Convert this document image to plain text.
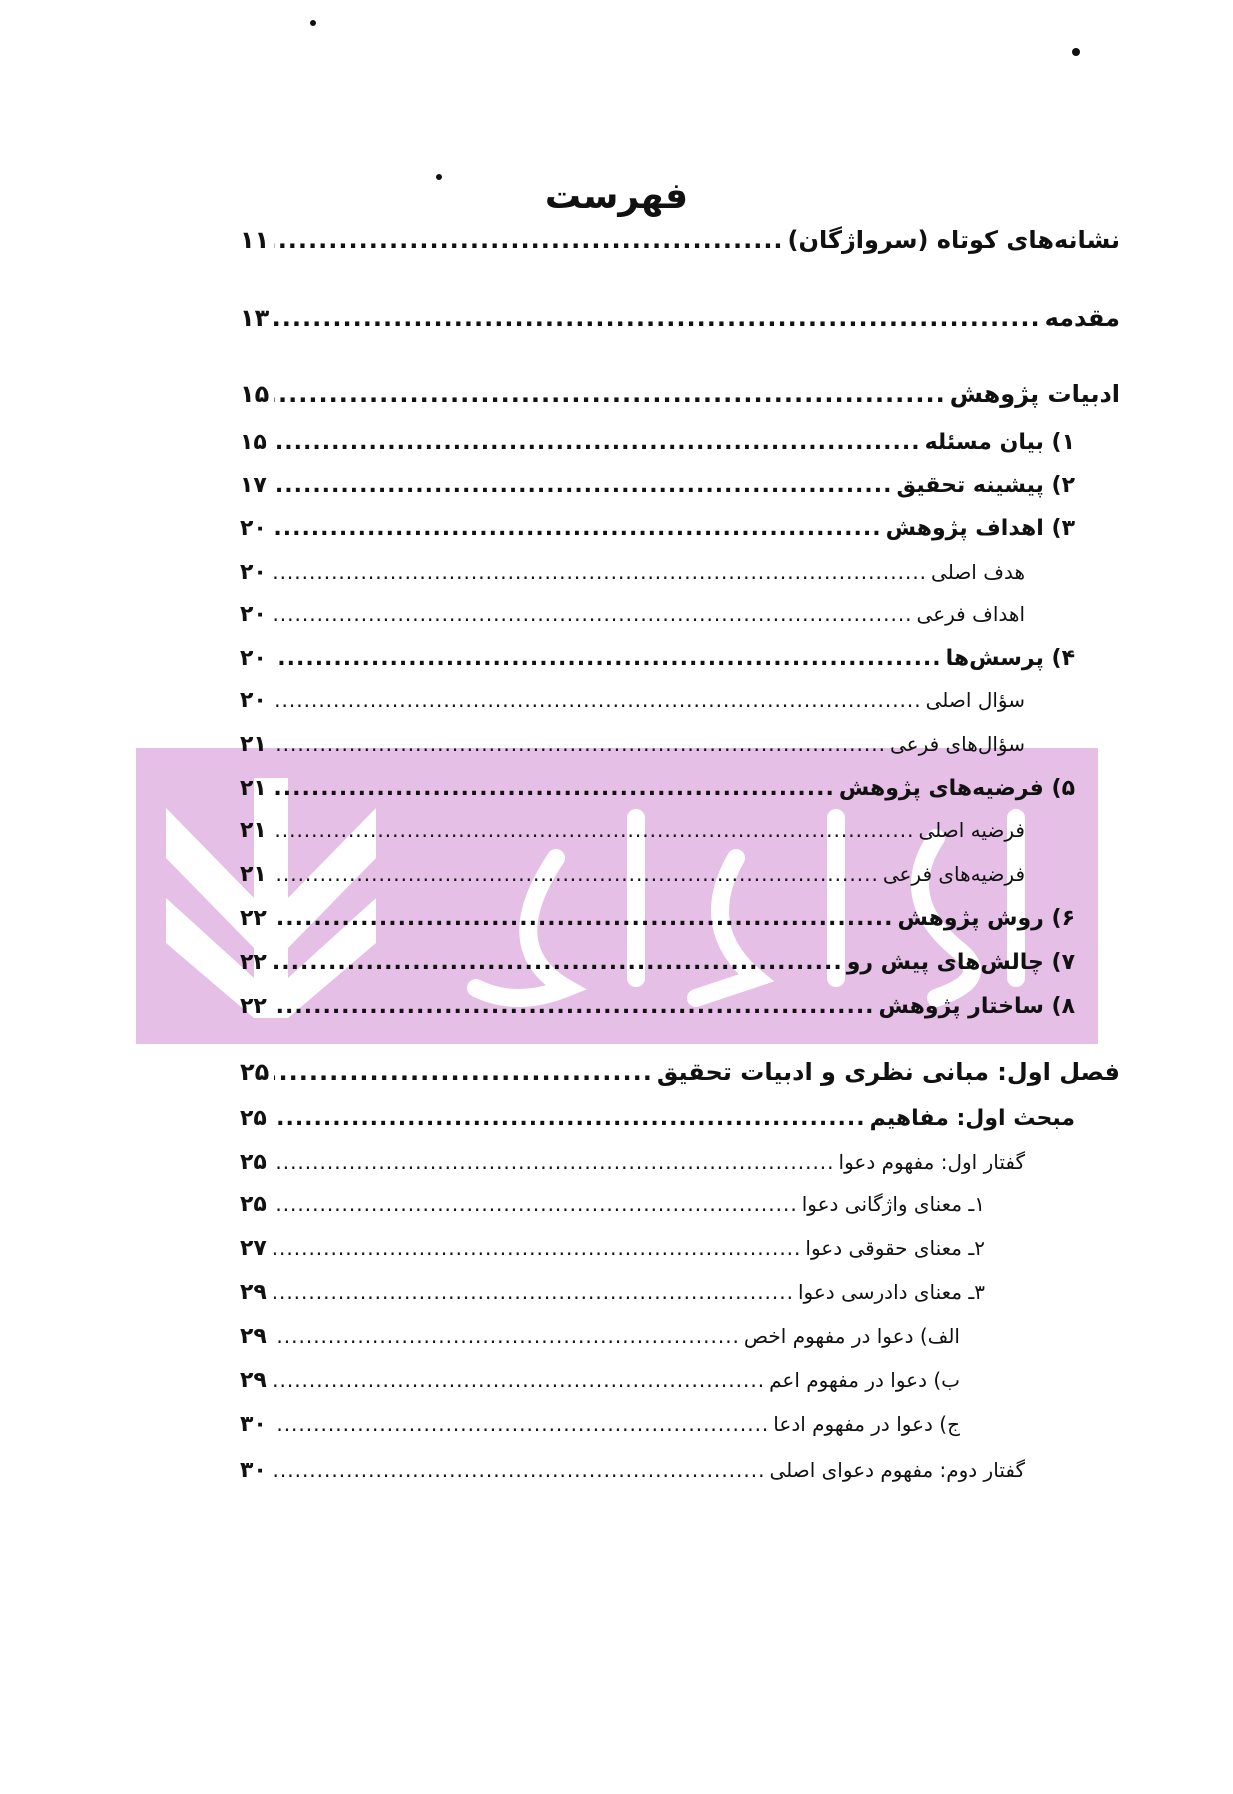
فهرست
نشانه‌های کوتاه (سرواژگان)
.....
۱۱
مقدمه
.....
۱۳
ادبیات پژوهش
.....
۱۵
۱) بیان مسئله
.....
۱۵
۲) پیشینه تحقیق
.....
۱۷
۳) اهداف پژوهش
.....
۲۰
هدف اصلی
.....
۲۰
اهداف فرعی
.....
۲۰
۴) پرسش‌ها
.....
۲۰
سؤال اصلی
.....
۲۰
سؤال‌های فرعی
.....
۲۱
۵) فرضیه‌های پژوهش
.....
۲۱
فرضیه اصلی
.....
۲۱
فرضیه‌های فرعی
.....
۲۱
۶) روش پژوهش
.....
۲۲
۷) چالش‌های پیش رو
.....
۲۲
۸) ساختار پژوهش
.....
۲۲
فصل اول: مبانی نظری و ادبیات تحقیق
.....
۲۵
مبحث اول: مفاهیم
.....
۲۵
گفتار اول: مفهوم دعوا
.....
۲۵
۱ـ معنای واژگانی دعوا
.....
۲۵
۲ـ معنای حقوقی دعوا
.....
۲۷
۳ـ معنای دادرسی دعوا
.....
۲۹
الف) دعوا در مفهوم اخص
.....
۲۹
ب) دعوا در مفهوم اعم
.....
۲۹
ج) دعوا در مفهوم ادعا
.....
۳۰
گفتار دوم: مفهوم دعوای اصلی
.....
۳۰
